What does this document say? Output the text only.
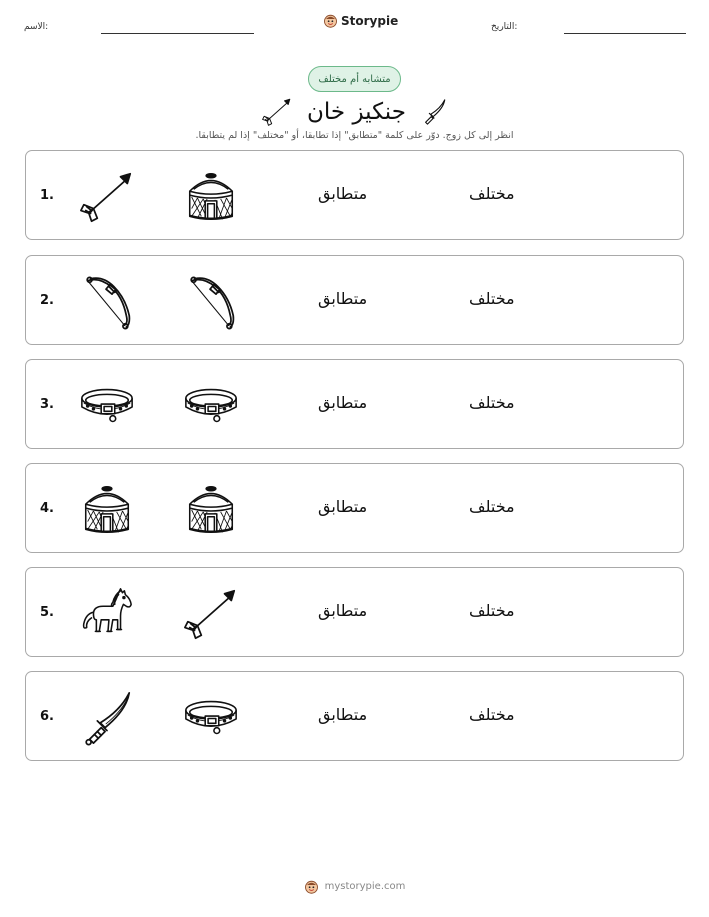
الاسم:	Storypie	التاريخ:
متشابه أم مختلف
جنكيز خان
انظر إلى كل زوج. دوّر على كلمة "متطابق" إذا تطابقا، أو "مختلف" إذا لم يتطابقا.
1.	متطابق	مختلف
2.	متطابق	مختلف
3.	متطابق	مختلف
4.	متطابق	مختلف
5.	متطابق	مختلف
6.	متطابق	مختلف
mystorypie.com
